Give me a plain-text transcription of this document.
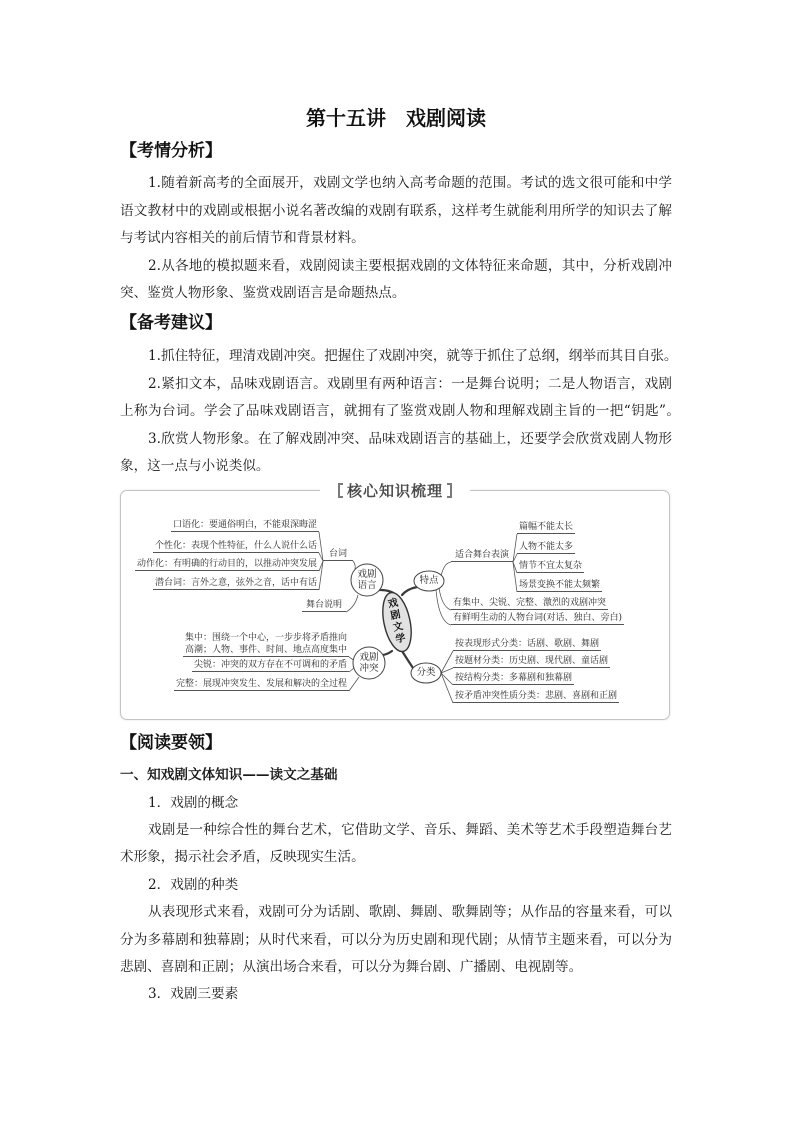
第十五讲　戏剧阅读
【考情分析】
1.随着新高考的全面展开，戏剧文学也纳入高考命题的范围。考试的选文很可能和中学
语文教材中的戏剧或根据小说名著改编的戏剧有联系，这样考生就能利用所学的知识去了解
与考试内容相关的前后情节和背景材料。
2.从各地的模拟题来看，戏剧阅读主要根据戏剧的文体特征来命题，其中，分析戏剧冲
突、鉴赏人物形象、鉴赏戏剧语言是命题热点。
【备考建议】
1.抓住特征，理清戏剧冲突。把握住了戏剧冲突，就等于抓住了总纲，纲举而其目自张。
2.紧扣文本，品味戏剧语言。戏剧里有两种语言：一是舞台说明；二是人物语言，戏剧
上称为台词。学会了品味戏剧语言，就拥有了鉴赏戏剧人物和理解戏剧主旨的一把“钥匙”。
3.欣赏人物形象。在了解戏剧冲突、品味戏剧语言的基础上，还要学会欣赏戏剧人物形
象，这一点与小说类似。
核心知识梳理
戏剧文学
戏剧语言	特点
戏剧冲突	分类
口语化：要通俗明白，不能艰深晦涩
个性化：表现个性特征，什么人说什么话
动作化：有明确的行动目的，以推动冲突发展
潜台词：言外之意，弦外之音，话中有话
台词
舞台说明
集中：围绕一个中心，一步步将矛盾推向
高潮；人物、事件、时间、地点高度集中
尖锐：冲突的双方存在不可调和的矛盾
完整：展现冲突发生、发展和解决的全过程
适合舞台表演
篇幅不能太长
人物不能太多
情节不宜太复杂
场景变换不能太频繁
有集中、尖锐、完整、激烈的戏剧冲突
有鲜明生动的人物台词(对话、独白、旁白)
按表现形式分类：话剧、歌剧、舞剧
按题材分类：历史剧、现代剧、童话剧
按结构分类：多幕剧和独幕剧
按矛盾冲突性质分类：悲剧、喜剧和正剧
【阅读要领】
一、知戏剧文体知识——读文之基础
1．戏剧的概念
戏剧是一种综合性的舞台艺术，它借助文学、音乐、舞蹈、美术等艺术手段塑造舞台艺
术形象，揭示社会矛盾，反映现实生活。
2．戏剧的种类
从表现形式来看，戏剧可分为话剧、歌剧、舞剧、歌舞剧等；从作品的容量来看，可以
分为多幕剧和独幕剧；从时代来看，可以分为历史剧和现代剧；从情节主题来看，可以分为
悲剧、喜剧和正剧；从演出场合来看，可以分为舞台剧、广播剧、电视剧等。
3．戏剧三要素
